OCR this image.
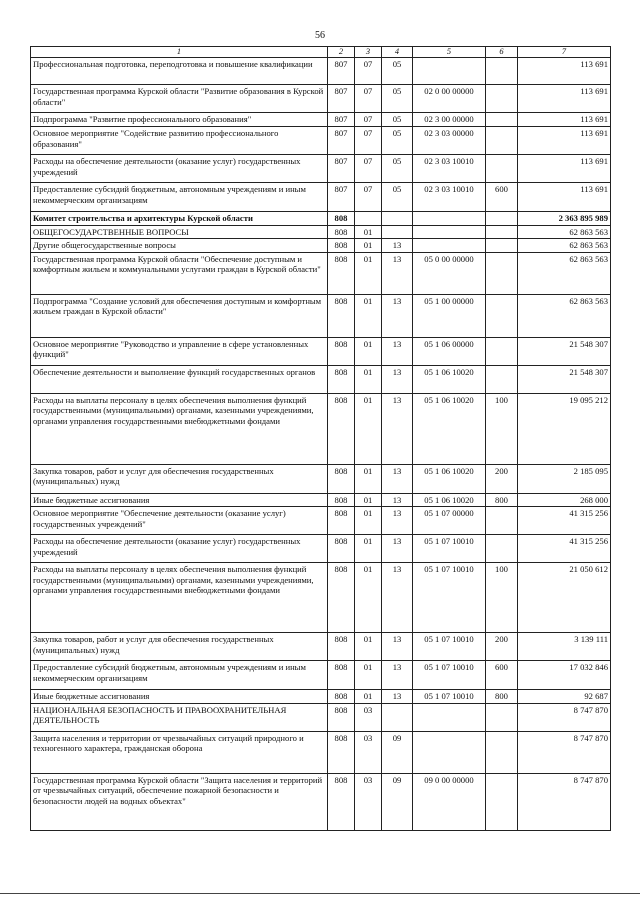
56
1	2	3	4	5	6	7
Профессиональная подготовка, переподготовка и повышение квалификации	807	07	05			113 691
Государственная программа Курской области "Развитие образования в Курской области"	807	07	05	02 0 00 00000		113 691
Подпрограмма "Развитие профессионального образования"	807	07	05	02 3 00 00000		113 691
Основное мероприятие "Содействие развитию профессионального образования"	807	07	05	02 3 03 00000		113 691
Расходы на обеспечение деятельности (оказание услуг) государственных учреждений	807	07	05	02 3 03 10010		113 691
Предоставление субсидий бюджетным, автономным учреждениям и иным некоммерческим организациям	807	07	05	02 3 03 10010	600	113 691
Комитет строительства и архитектуры Курской области	808					2 363 895 989
ОБЩЕГОСУДАРСТВЕННЫЕ ВОПРОСЫ	808	01				62 863 563
Другие общегосударственные вопросы	808	01	13			62 863 563
Государственная программа Курской области "Обеспечение доступным и комфортным жильем и коммунальными услугами граждан в Курской области"	808	01	13	05 0 00 00000		62 863 563
Подпрограмма "Создание условий для обеспечения доступным и комфортным жильем граждан в Курской области"	808	01	13	05 1 00 00000		62 863 563
Основное мероприятие "Руководство и управление в сфере установленных функций"	808	01	13	05 1 06 00000		21 548 307
Обеспечение деятельности и выполнение функций государственных органов	808	01	13	05 1 06 10020		21 548 307
Расходы на выплаты персоналу в целях обеспечения выполнения функций государственными (муниципальными) органами, казенными учреждениями, органами управления государственными внебюджетными фондами	808	01	13	05 1 06 10020	100	19 095 212
Закупка товаров, работ и услуг для обеспечения государственных (муниципальных) нужд	808	01	13	05 1 06 10020	200	2 185 095
Иные бюджетные ассигнования	808	01	13	05 1 06 10020	800	268 000
Основное мероприятие "Обеспечение деятельности (оказание услуг) государственных учреждений"	808	01	13	05 1 07 00000		41 315 256
Расходы на обеспечение деятельности (оказание услуг) государственных учреждений	808	01	13	05 1 07 10010		41 315 256
Расходы на выплаты персоналу в целях обеспечения выполнения функций государственными (муниципальными) органами, казенными учреждениями, органами управления государственными внебюджетными фондами	808	01	13	05 1 07 10010	100	21 050 612
Закупка товаров, работ и услуг для обеспечения государственных (муниципальных) нужд	808	01	13	05 1 07 10010	200	3 139 111
Предоставление субсидий бюджетным, автономным учреждениям и иным некоммерческим организациям	808	01	13	05 1 07 10010	600	17 032 846
Иные бюджетные ассигнования	808	01	13	05 1 07 10010	800	92 687
НАЦИОНАЛЬНАЯ БЕЗОПАСНОСТЬ И ПРАВООХРАНИТЕЛЬНАЯ ДЕЯТЕЛЬНОСТЬ	808	03				8 747 870
Защита населения и территории от чрезвычайных ситуаций природного и техногенного характера, гражданская оборона	808	03	09			8 747 870
Государственная программа Курской области "Защита населения и территорий от чрезвычайных ситуаций, обеспечение пожарной безопасности и безопасности людей на водных объектах"	808	03	09	09 0 00 00000		8 747 870
